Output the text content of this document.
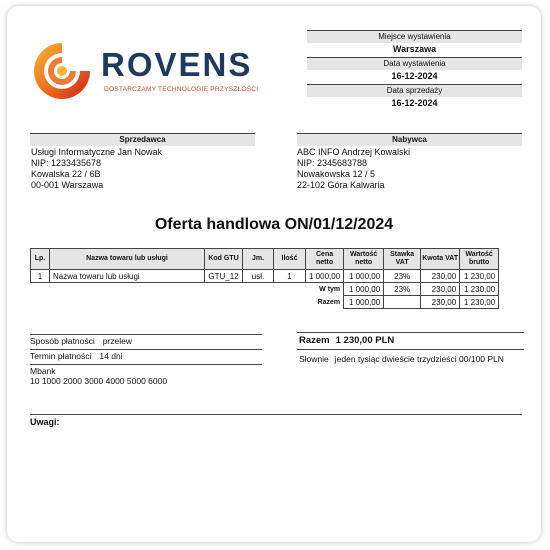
ROVENS
DOSTARCZAMY TECHNOLOGIĘ PRZYSZŁOŚCI
Miejsce wystawienia
Warszawa
Data wystawienia
16-12-2024
Data sprzedaży
16-12-2024
Sprzedawca
Usługi Informatyczne Jan Nowak
NIP: 1233435678
Kowalska 22 / 6B
00-001 Warszawa
Nabywca
ABC INFO Andrzej Kowalski
NIP: 2345683788
Nowakowska 12 / 5
22-102 Góra Kalwaria
Oferta handlowa ON/01/12/2024
Lp.	Nazwa towaru lub usługi	Kod GTU	Jm.	Ilość	Cena netto	Wartość netto	Stawka VAT	Kwota VAT	Wartość brutto
1	Nazwa towaru lub usługi	GTU_12	usł.	1	1 000,00	1 000,00	23%	230,00	1 230,00
					W tym	1 000,00	23%	230,00	1 230,00
					Razem	1 000,00		230,00	1 230,00
Sposób płatności przelew
Termin płatności 14 dni
Mbank
10 1000 2000 3000 4000 5000 6000
Razem 1 230,00 PLN
Słownie jeden tysiąc dwieście trzydzieści 00/100 PLN
Uwagi:
